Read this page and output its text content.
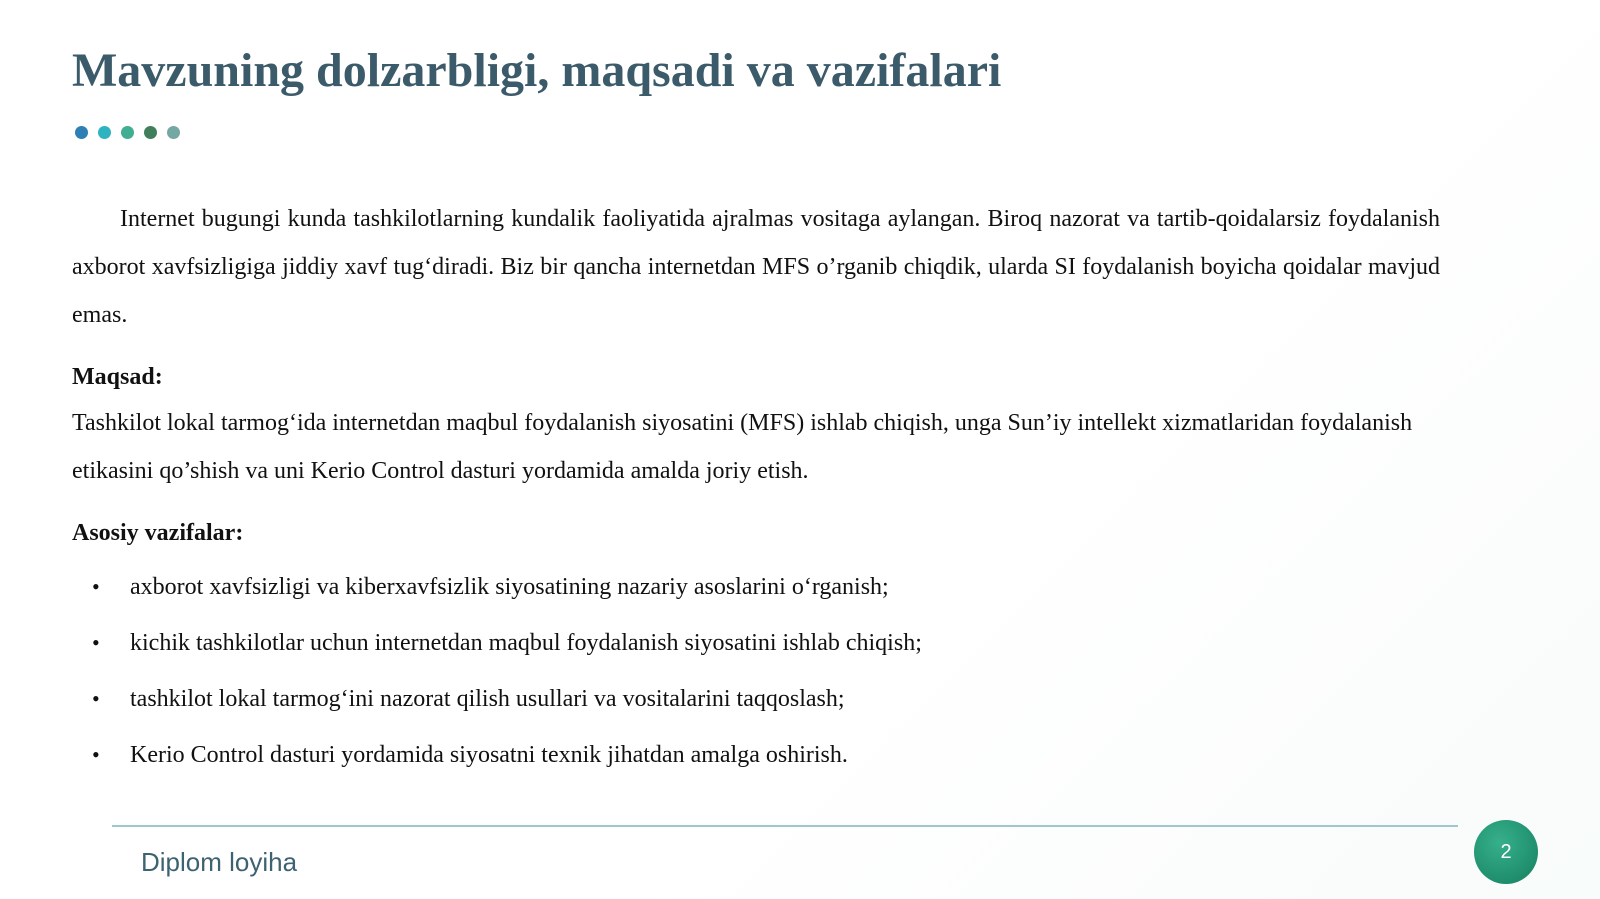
Mavzuning dolzarbligi, maqsadi va vazifalari

Internet bugungi kunda tashkilotlarning kundalik faoliyatida ajralmas vositaga aylangan. Biroq nazorat va tartib-qoidalarsiz foydalanish axborot xavfsizligiga jiddiy xavf tug‘diradi. Biz bir qancha internetdan MFS o’rganib chiqdik, ularda SI foydalanish boyicha qoidalar mavjud emas.

Maqsad:

Tashkilot lokal tarmog‘ida internetdan maqbul foydalanish siyosatini (MFS) ishlab chiqish, unga Sun’iy intellekt xizmatlaridan foydalanish etikasini qo’shish va uni Kerio Control dasturi yordamida amalda joriy etish.

Asosiy vazifalar:
•	axborot xavfsizligi va kiberxavfsizlik siyosatining nazariy asoslarini o‘rganish;
•	kichik tashkilotlar uchun internetdan maqbul foydalanish siyosatini ishlab chiqish;
•	tashkilot lokal tarmog‘ini nazorat qilish usullari va vositalarini taqqoslash;
•	Kerio Control dasturi yordamida siyosatni texnik jihatdan amalga oshirish.
Diplom loyiha	2
